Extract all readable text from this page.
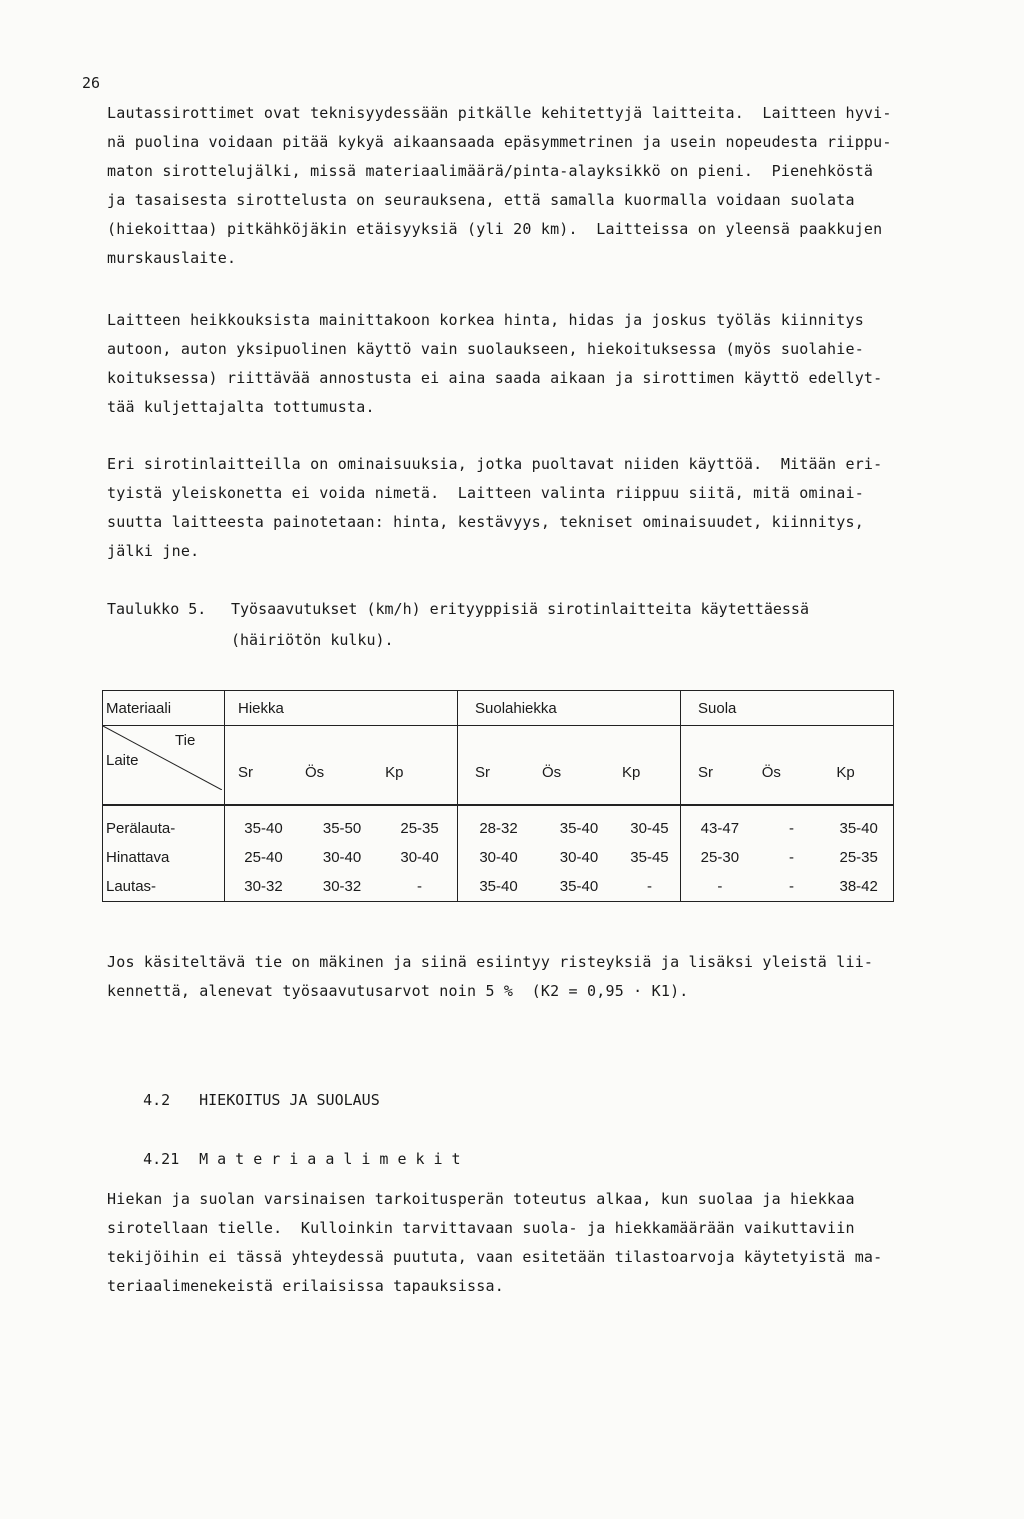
26

Lautassirottimet ovat teknisyydessään pitkälle kehitettyjä laitteita.  Laitteen hyvi-
nä puolina voidaan pitää kykyä aikaansaada epäsymmetrinen ja usein nopeudesta riippu-
maton sirottelujälki, missä materiaalimäärä/pinta-alayksikkö on pieni.  Pienehköstä
ja tasaisesta sirottelusta on seurauksena, että samalla kuormalla voidaan suolata
(hiekoittaa) pitkähköjäkin etäisyyksiä (yli 20 km).  Laitteissa on yleensä paakkujen
murskauslaite.

Laitteen heikkouksista mainittakoon korkea hinta, hidas ja joskus työläs kiinnitys
autoon, auton yksipuolinen käyttö vain suolaukseen, hiekoituksessa (myös suolahie-
koituksessa) riittävää annostusta ei aina saada aikaan ja sirottimen käyttö edellyt-
tää kuljettajalta tottumusta.

Eri sirotinlaitteilla on ominaisuuksia, jotka puoltavat niiden käyttöä.  Mitään eri-
tyistä yleiskonetta ei voida nimetä.  Laitteen valinta riippuu siitä, mitä ominai-
suutta laitteesta painotetaan: hinta, kestävyys, tekniset ominaisuudet, kiinnitys,
jälki jne.

Taulukko 5. Työsaavutukset (km/h) erityyppisiä sirotinlaitteita käytettäessä
(häiriötön kulku).
Materiaali	Hiekka			Suolahiekka			Suola		

Tie
Laite	Sr	Ös	Kp	Sr	Ös	Kp	Sr	Ös	Kp
Perälauta-	35-40	35-50	25-35	28-32	35-40	30-45	43-47	-	35-40
Hinattava	25-40	30-40	30-40	30-40	30-40	35-45	25-30	-	25-35
Lautas-	30-32	30-32	-	35-40	35-40	-	-	-	38-42

Jos käsiteltävä tie on mäkinen ja siinä esiintyy risteyksiä ja lisäksi yleistä lii-
kennettä, alenevat työsaavutusarvot noin 5 %  (K2 = 0,95 · K1).

4.2 HIEKOITUS JA SUOLAUS

4.21 Materiaalimekit

Hiekan ja suolan varsinaisen tarkoitusperän toteutus alkaa, kun suolaa ja hiekkaa
sirotellaan tielle.  Kulloinkin tarvittavaan suola- ja hiekkamäärään vaikuttaviin
tekijöihin ei tässä yhteydessä puututa, vaan esitetään tilastoarvoja käytetyistä ma-
teriaalimenekeistä erilaisissa tapauksissa.
